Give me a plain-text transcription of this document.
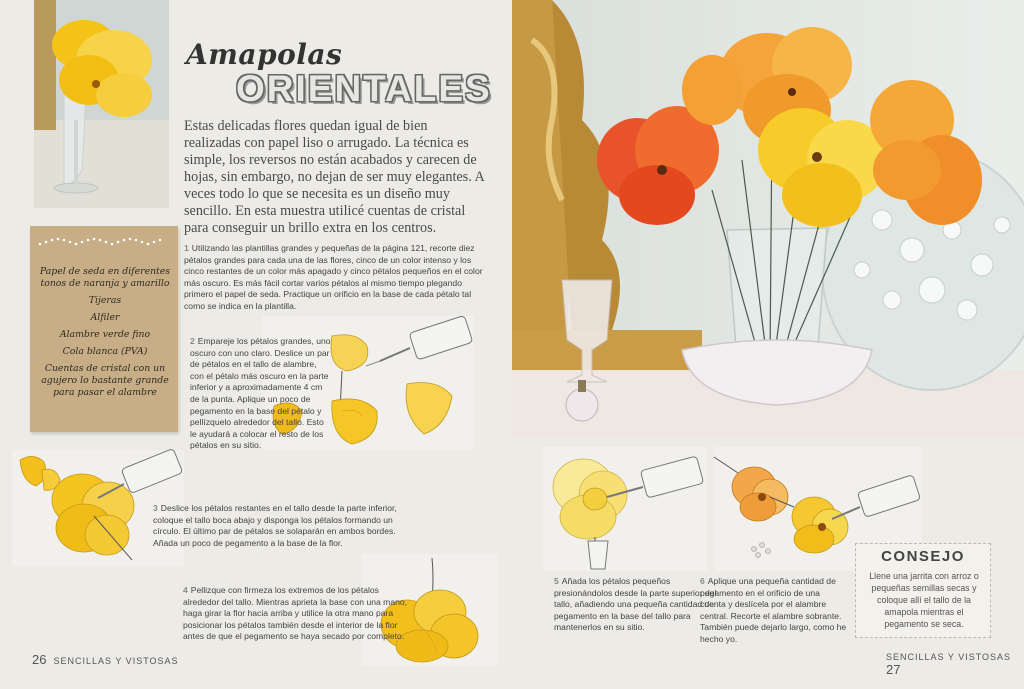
Amapolas
ORIENTALES
Estas delicadas flores quedan igual de bien realizadas con papel liso o arrugado. La técnica es simple, los reversos no están acabados y carecen de hojas, sin embargo, no dejan de ser muy elegantes. A veces todo lo que se necesita es un diseño muy sencillo. En esta muestra utilicé cuentas de cristal para conseguir un brillo extra en los centros.
Papel de seda en diferentes tonos de naranja y amarillo
Tijeras
Alfiler
Alambre verde fino
Cola blanca (PVA)
Cuentas de cristal con un agujero lo bastante grande para pasar el alambre
1 Utilizando las plantillas grandes y pequeñas de la página 121, recorte diez pétalos grandes para cada una de las flores, cinco de un color intenso y los cinco restantes de un color más apagado y cinco pétalos pequeños en el color más oscuro. Es más fácil cortar varios pétalos al mismo tiempo plegando primero el papel de seda. Practique un orificio en la base de cada pétalo tal como se indica en la plantilla.
2 Empareje los pétalos grandes, uno oscuro con uno claro. Deslice un par de pétalos en el tallo de alambre, con el pétalo más oscuro en la parte inferior y a aproximadamente 4 cm de la punta. Aplique un poco de pegamento en la base del pétalo y pellízquelo alrededor del tallo. Esto le ayudará a colocar el resto de los pétalos en su sitio.
3 Deslice los pétalos restantes en el tallo desde la parte inferior, coloque el tallo boca abajo y disponga los pétalos formando un círculo. El último par de pétalos se solaparán en ambos bordes. Añada un poco de pegamento a la base de la flor.
4 Pellizque con firmeza los extremos de los pétalos alrededor del tallo. Mientras aprieta la base con una mano, haga girar la flor hacia arriba y utilice la otra mano para posicionar los pétalos también desde el interior de la flor antes de que el pegamento se haya secado por completo.
5 Añada los pétalos pequeños presionándolos desde la parte superior del tallo, añadiendo una pequeña cantidad de pegamento en la base del tallo para mantenerlos en su sitio.
6 Aplique una pequeña cantidad de pegamento en el orificio de una cuenta y deslícela por el alambre central. Recorte el alambre sobrante. También puede dejarlo largo, como he hecho yo.
CONSEJO
Llene una jarrita con arroz o pequeñas semillas secas y coloque allí el tallo de la amapola mientras el pegamento se seca.
26 SENCILLAS Y VISTOSAS	SENCILLAS Y VISTOSAS  27
